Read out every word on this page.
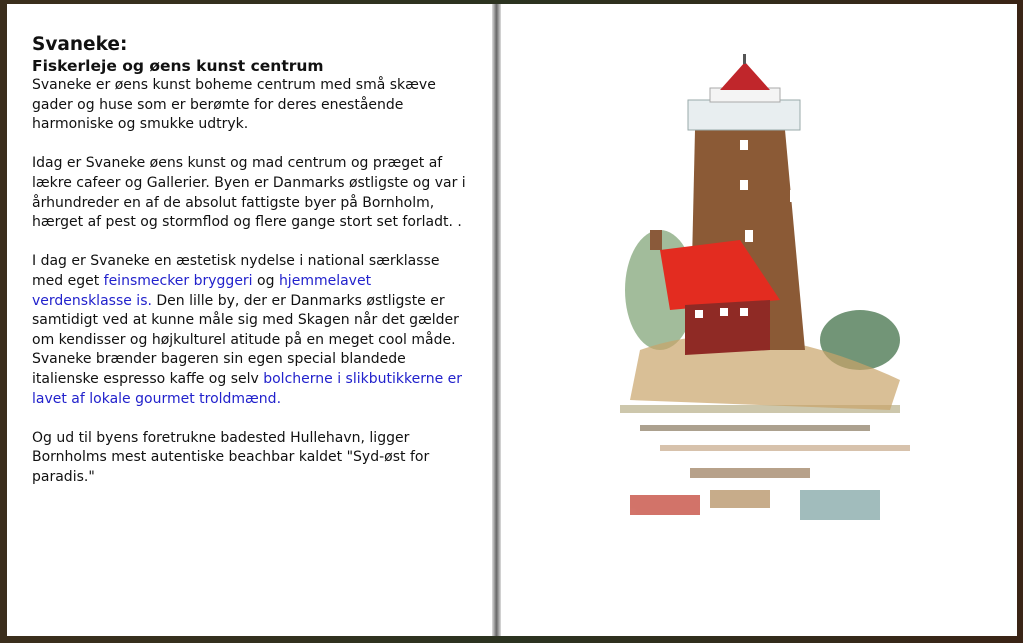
Svaneke:
Fiskerleje og øens kunst centrum

Svaneke er øens kunst boheme centrum med små skæve gader og huse som er berømte for deres enestående harmoniske og smukke udtryk.

Idag er Svaneke øens kunst og mad centrum og præget af lækre cafeer og Gallerier. Byen er Danmarks østligste og var i århundreder en af de absolut fattigste byer på Bornholm, hærget af pest og stormflod og flere gange stort set forladt. .

I dag er Svaneke en æstetisk nydelse i national særklasse med eget feinsmecker bryggeri og hjemmelavet verdensklasse is. Den lille by, der er Danmarks østligste er samtidigt ved at kunne måle sig med Skagen når det gælder om kendisser og højkulturel atitude på en meget cool måde. Svaneke brænder bageren sin egen special blandede italienske espresso kaffe og selv bolcherne i slikbutikkerne er lavet af lokale gourmet troldmænd.

Og ud til byens foretrukne badested Hullehavn, ligger Bornholms mest autentiske beachbar kaldet "Syd-øst for paradis."
